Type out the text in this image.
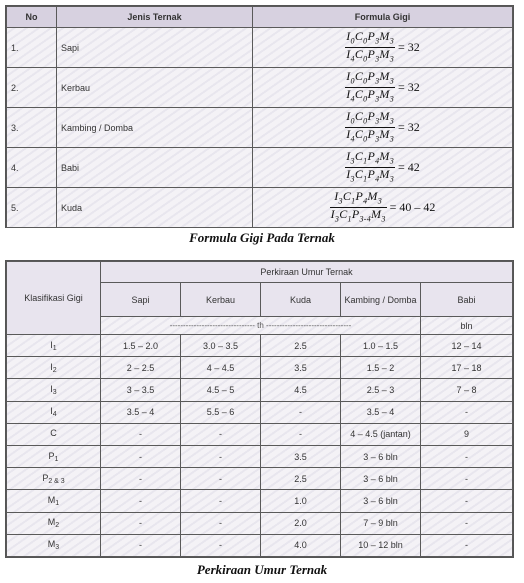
No	Jenis Ternak	Formula Gigi
1.	Sapi	$\frac{I_0C_0P_3M_3}{I_4C_0P_3M_3} = 32$
2.	Kerbau	$\frac{I_0C_0P_3M_3}{I_4C_0P_3M_3} = 32$
3.	Kambing / Domba	$\frac{I_0C_0P_3M_3}{I_4C_0P_3M_3} = 32$
4.	Babi	$\frac{I_3C_1P_4M_3}{I_3C_1P_4M_3} = 42$
5.	Kuda	$\frac{I_3C_1P_4M_3}{I_3C_1P_{3-4}M_3} = 40 - 42$
Formula Gigi Pada Ternak
Klasifikasi Gigi	Perkiraan Umur Ternak				
	Sapi	Kerbau	Kuda	Kambing / Domba	Babi
	-------------------------------- th --------------------------------				bln
$I_1$	1.5 – 2.0	3.0 – 3.5	2.5	1.0 – 1.5	12 – 14
$I_2$	2 – 2.5	4 – 4.5	3.5	1.5 – 2	17 – 18
$I_3$	3 – 3.5	4.5 – 5	4.5	2.5 – 3	7 – 8
$I_4$	3.5 – 4	5.5 – 6	-	3.5 – 4	-
C	-	-	-	4 – 4.5 (jantan)	9
$P_1$	-	-	3.5	3 – 6 bln	-
$P_{2 \& 3}$	-	-	2.5	3 – 6 bln	-
$M_1$	-	-	1.0	3 – 6 bln	-
$M_2$	-	-	2.0	7 – 9 bln	-
$M_3$	-	-	4.0	10 – 12 bln	-
Perkiraan Umur Ternak
